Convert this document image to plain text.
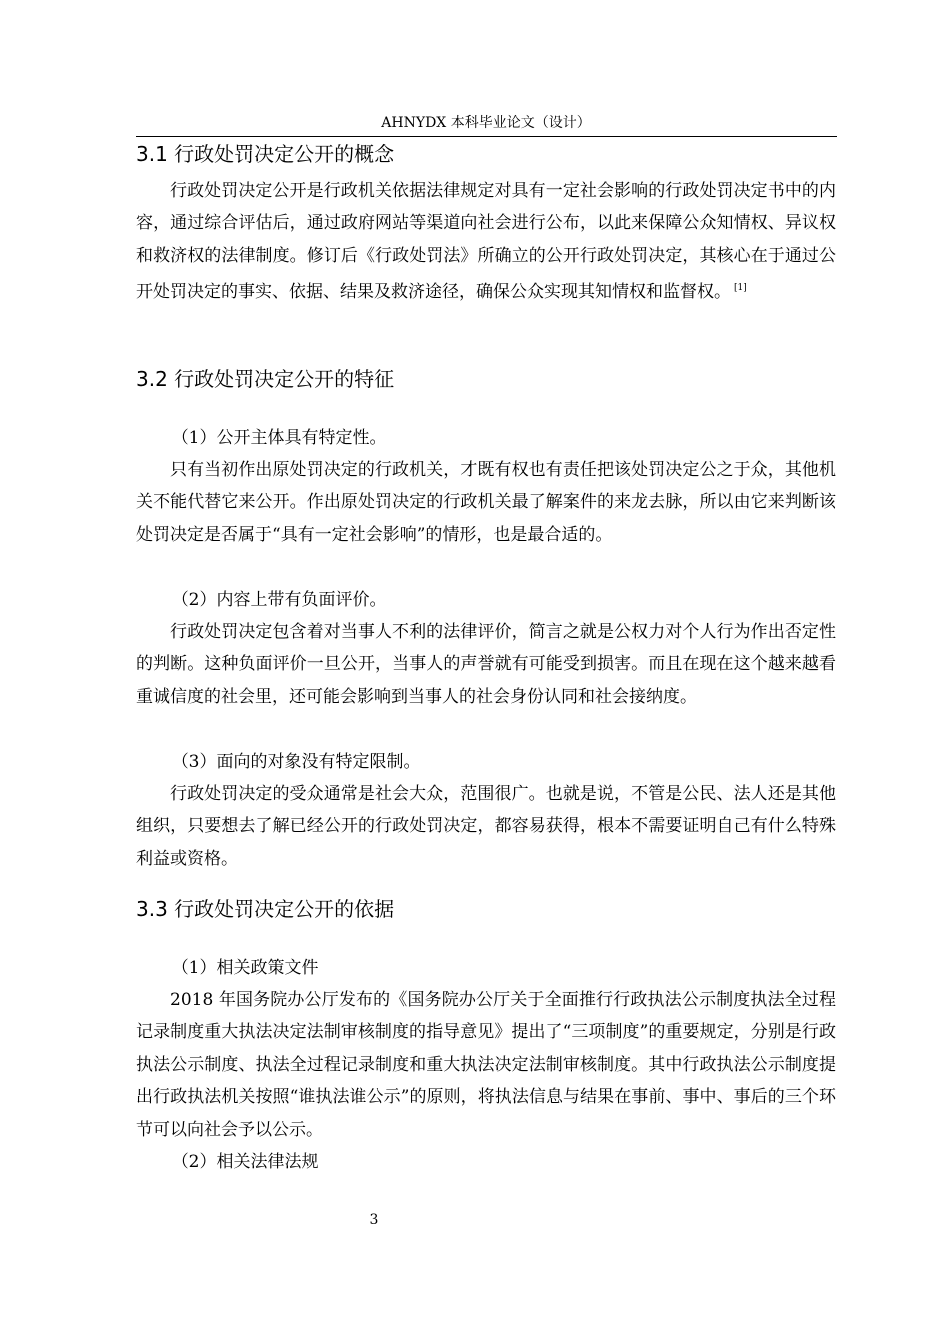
AHNYDX 本科毕业论文（设计）
3.1 行政处罚决定公开的概念

行政处罚决定公开是行政机关依据法律规定对具有一定社会影响的行政处罚决定书中的内容，通过综合评估后，通过政府网站等渠道向社会进行公布，以此来保障公众知情权、异议权和救济权的法律制度。修订后《行政处罚法》所确立的公开行政处罚决定，其核心在于通过公开处罚决定的事实、依据、结果及救济途径，确保公众实现其知情权和监督权。 [1]

3.2 行政处罚决定公开的特征

（1）公开主体具有特定性。

只有当初作出原处罚决定的行政机关，才既有权也有责任把该处罚决定公之于众，其他机关不能代替它来公开。作出原处罚决定的行政机关最了解案件的来龙去脉，所以由它来判断该处罚决定是否属于“具有一定社会影响”的情形，也是最合适的。

（2）内容上带有负面评价。

行政处罚决定包含着对当事人不利的法律评价，简言之就是公权力对个人行为作出否定性的判断。这种负面评价一旦公开，当事人的声誉就有可能受到损害。而且在现在这个越来越看重诚信度的社会里，还可能会影响到当事人的社会身份认同和社会接纳度。

（3）面向的对象没有特定限制。

行政处罚决定的受众通常是社会大众，范围很广。也就是说，不管是公民、法人还是其他组织，只要想去了解已经公开的行政处罚决定，都容易获得，根本不需要证明自己有什么特殊利益或资格。

3.3 行政处罚决定公开的依据

（1）相关政策文件

2018 年国务院办公厅发布的《国务院办公厅关于全面推行行政执法公示制度执法全过程记录制度重大执法决定法制审核制度的指导意见》提出了“三项制度”的重要规定，分别是行政执法公示制度、执法全过程记录制度和重大执法决定法制审核制度。其中行政执法公示制度提出行政执法机关按照“谁执法谁公示”的原则，将执法信息与结果在事前、事中、事后的三个环节可以向社会予以公示。

（2）相关法律法规

3
